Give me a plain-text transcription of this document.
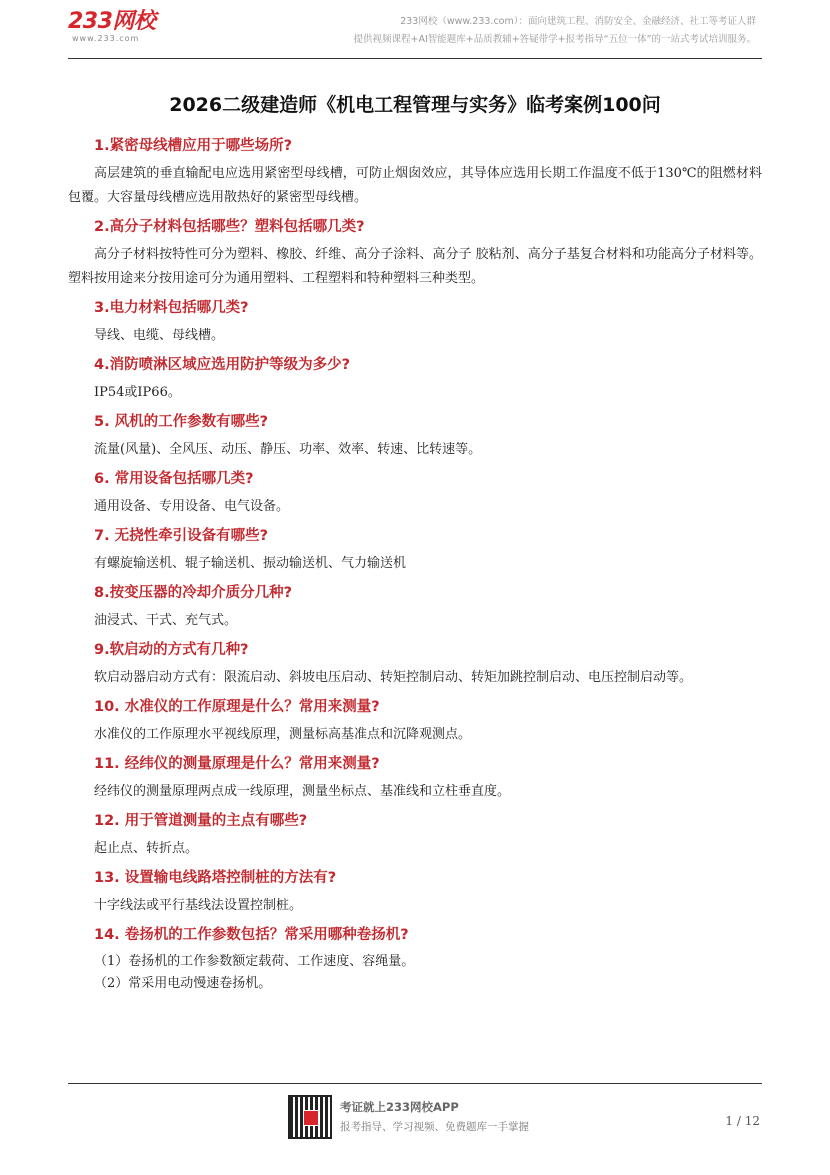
233网校
www.233.com
233网校（www.233.com）：面向建筑工程、消防安全、金融经济、社工等考证人群
提供视频课程+AI智能题库+品质教辅+答疑带学+报考指导“五位一体”的一站式考试培训服务。
2026二级建造师《机电工程管理与实务》临考案例100问
1.紧密母线槽应用于哪些场所?

高层建筑的垂直输配电应选用紧密型母线槽，可防止烟囱效应，其导体应选用长期工作温度不低于130℃的阻燃材料包覆。大容量母线槽应选用散热好的紧密型母线槽。

2.高分子材料包括哪些？塑料包括哪几类?

高分子材料按特性可分为塑料、橡胶、纤维、高分子涂料、高分子 胶粘剂、高分子基复合材料和功能高分子材料等。塑料按用途来分按用途可分为通用塑料、工程塑料和特种塑料三种类型。

3.电力材料包括哪几类?

导线、电缆、母线槽。

4.消防喷淋区域应选用防护等级为多少?

IP54或IP66。

5. 风机的工作参数有哪些?

流量(风量)、全风压、动压、静压、功率、效率、转速、比转速等。

6. 常用设备包括哪几类?

通用设备、专用设备、电气设备。

7. 无挠性牵引设备有哪些?

有螺旋输送机、辊子输送机、振动输送机、气力输送机

8.按变压器的冷却介质分几种?

油浸式、干式、充气式。

9.软启动的方式有几种?

软启动器启动方式有：限流启动、斜坡电压启动、转矩控制启动、转矩加跳控制启动、电压控制启动等。

10. 水准仪的工作原理是什么？常用来测量?

水准仪的工作原理水平视线原理，测量标高基准点和沉降观测点。

11. 经纬仪的测量原理是什么？常用来测量?

经纬仪的测量原理两点成一线原理，测量坐标点、基准线和立柱垂直度。

12. 用于管道测量的主点有哪些?

起止点、转折点。

13. 设置输电线路塔控制桩的方法有?

十字线法或平行基线法设置控制桩。

14. 卷扬机的工作参数包括？常采用哪种卷扬机?
（1）卷扬机的工作参数额定载荷、工作速度、容绳量。
（2）常采用电动慢速卷扬机。
考证就上233网校APP
报考指导、学习视频、免费题库一手掌握	1 / 12
